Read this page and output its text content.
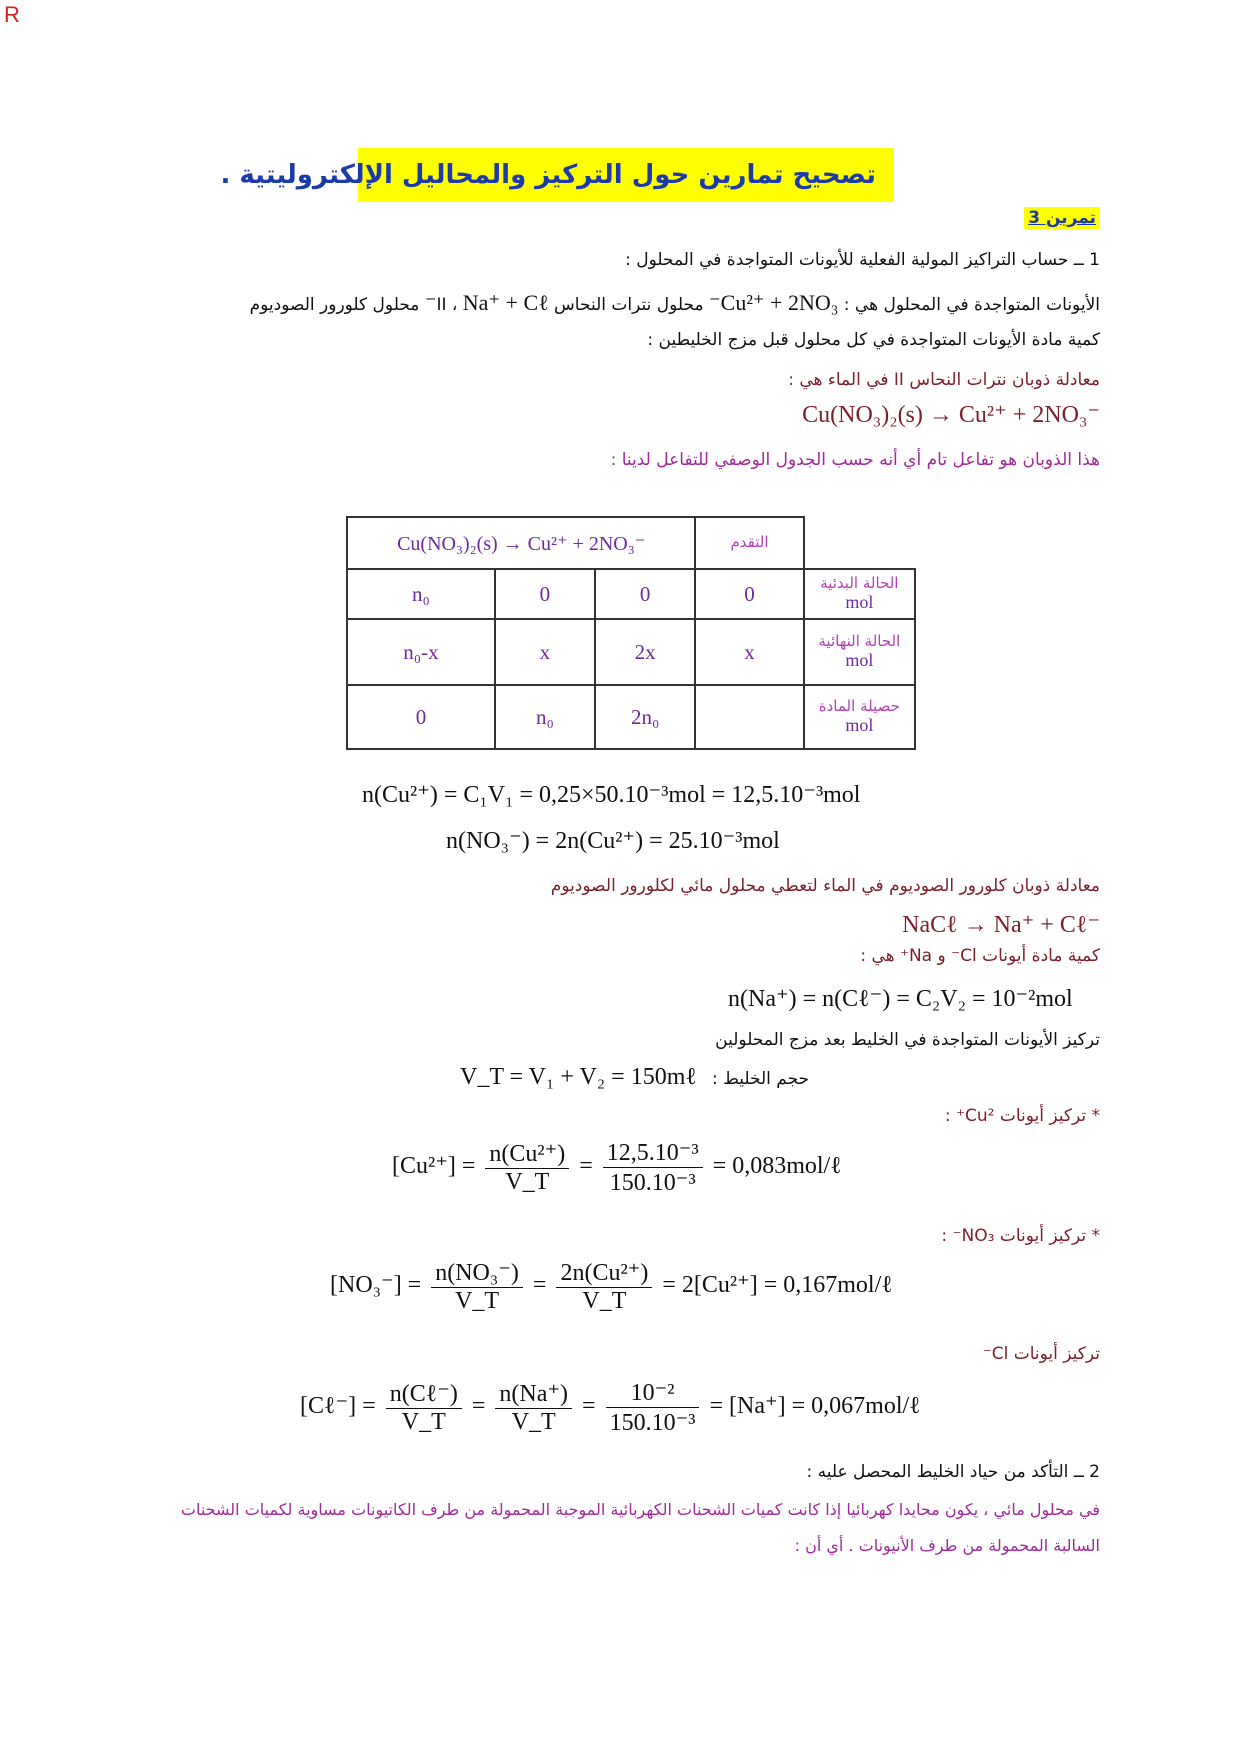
R
تصحيح تمارين حول التركيز والمحاليل الإلكتروليتية .
تمرين 3
1 ــ حساب التراكيز المولية الفعلية للأيونات المتواجدة في المحلول :
الأيونات المتواجدة في المحلول هي : Cu²⁺ + 2NO₃⁻ محلول نترات النحاس II ، Na⁺ + Cℓ⁻ محلول كلورور الصوديوم
كمية مادة الأيونات المتواجدة في كل محلول قبل مزج الخليطين :
معادلة ذوبان نترات النحاس II في الماء هي :
Cu(NO₃)₂(s) → Cu²⁺ + 2NO₃⁻
هذا الذوبان هو تفاعل تام أي أنه حسب الجدول الوصفي للتفاعل لدينا :
Cu(NO₃)₂(s) → Cu²⁺ + 2NO₃⁻			التقدم	
n₀	0	0	0	الحالة البدئية
mol
n₀-x	x	2x	x	الحالة النهائية
mol
0	n₀	2n₀		حصيلة المادة
mol
n(Cu²⁺) = C₁V₁ = 0,25×50.10⁻³mol = 12,5.10⁻³mol
n(NO₃⁻) = 2n(Cu²⁺) = 25.10⁻³mol
معادلة ذوبان كلورور الصوديوم في الماء لتعطي محلول مائي لكلورور الصوديوم
NaCℓ → Na⁺ + Cℓ⁻
كمية مادة أيونات Cl⁻ و Na⁺ هي :
n(Na⁺) = n(Cℓ⁻) = C₂V₂ = 10⁻²mol
تركيز الأيونات المتواجدة في الخليط بعد مزج المحلولين
V_T = V₁ + V₂ = 150mℓ حجم الخليط :
* تركيز أيونات Cu²⁺ :
$[Cu^{2+}] = \frac{\text{n(Cu²⁺)}}{V\_T} = \frac{\text{12,5.10⁻³}}{\text{150.10⁻³}}$ = 0,083mol/ℓ
* تركيز أيونات NO₃⁻ :
$[NO_3^-] = \frac{\text{n(NO₃⁻)}}{V\_T} = \frac{\text{2n(Cu²⁺)}}{V\_T} = 2[Cu^{2+}]$ = 0,167mol/ℓ
تركيز أيونات Cl⁻
[Cℓ⁻] = $\frac{\text{n(Cℓ⁻)}}{V\_T} = \frac{n(Na^+)}{V\_T} = \frac{\text{10⁻²}}{\text{150.10⁻³}} = [Na^+]$ = 0,067mol/ℓ
2 ــ التأكد من حياد الخليط المحصل عليه :
في محلول مائي ، يكون محايدا كهربائيا إذا كانت كميات الشحنات الكهربائية الموجبة المحمولة من طرف الكاتيونات مساوية لكميات الشحنات
السالبة المحمولة من طرف الأنيونات . أي أن :
